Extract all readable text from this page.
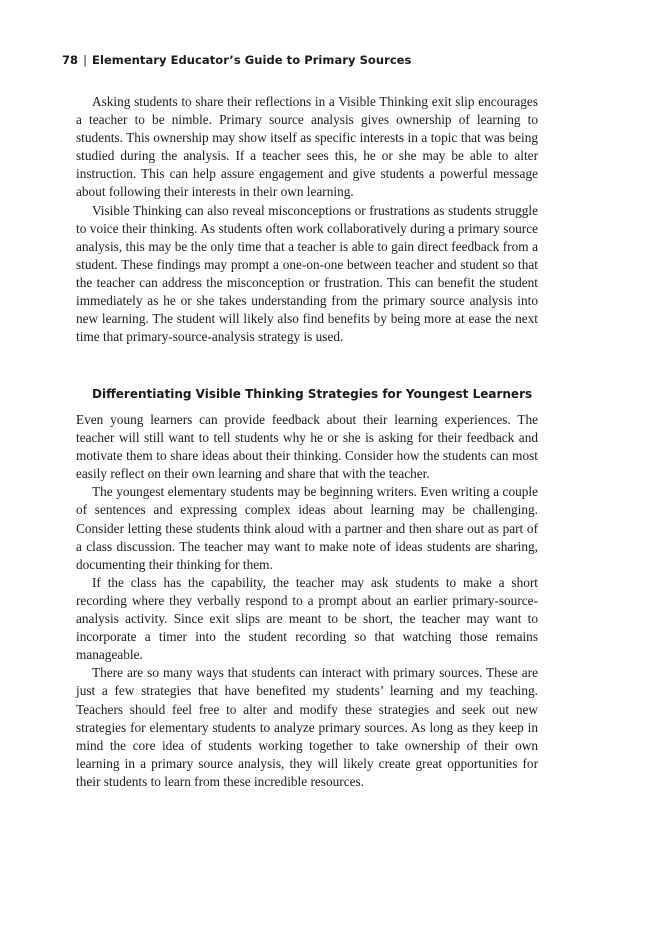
78 | Elementary Educator’s Guide to Primary Sources

Asking students to share their reflections in a Visible Thinking exit slip encourages a teacher to be nimble. Primary source analysis gives ownership of learning to students. This ownership may show itself as specific interests in a topic that was being studied during the analysis. If a teacher sees this, he or she may be able to alter instruction. This can help assure engagement and give students a powerful message about following their interests in their own learning.

Visible Thinking can also reveal misconceptions or frustrations as students struggle to voice their thinking. As students often work collaboratively during a primary source analysis, this may be the only time that a teacher is able to gain direct feedback from a student. These findings may prompt a one-on-one between teacher and student so that the teacher can address the misconception or frustration. This can benefit the student immediately as he or she takes understanding from the primary source analysis into new learning. The student will likely also find benefits by being more at ease the next time that primary-source-analysis strategy is used.

Differentiating Visible Thinking Strategies for Youngest Learners

Even young learners can provide feedback about their learning experiences. The teacher will still want to tell students why he or she is asking for their feedback and motivate them to share ideas about their thinking. Consider how the students can most easily reflect on their own learning and share that with the teacher.

The youngest elementary students may be beginning writers. Even writing a couple of sentences and expressing complex ideas about learning may be challenging. Consider letting these students think aloud with a partner and then share out as part of a class discussion. The teacher may want to make note of ideas students are sharing, documenting their thinking for them.

If the class has the capability, the teacher may ask students to make a short recording where they verbally respond to a prompt about an earlier primary-source-analysis activity. Since exit slips are meant to be short, the teacher may want to incorporate a timer into the student recording so that watching those remains manageable.

There are so many ways that students can interact with primary sources. These are just a few strategies that have benefited my students’ learning and my teaching. Teachers should feel free to alter and modify these strategies and seek out new strategies for elementary students to analyze primary sources. As long as they keep in mind the core idea of students working together to take ownership of their own learning in a primary source analysis, they will likely create great opportunities for their students to learn from these incredible resources.
